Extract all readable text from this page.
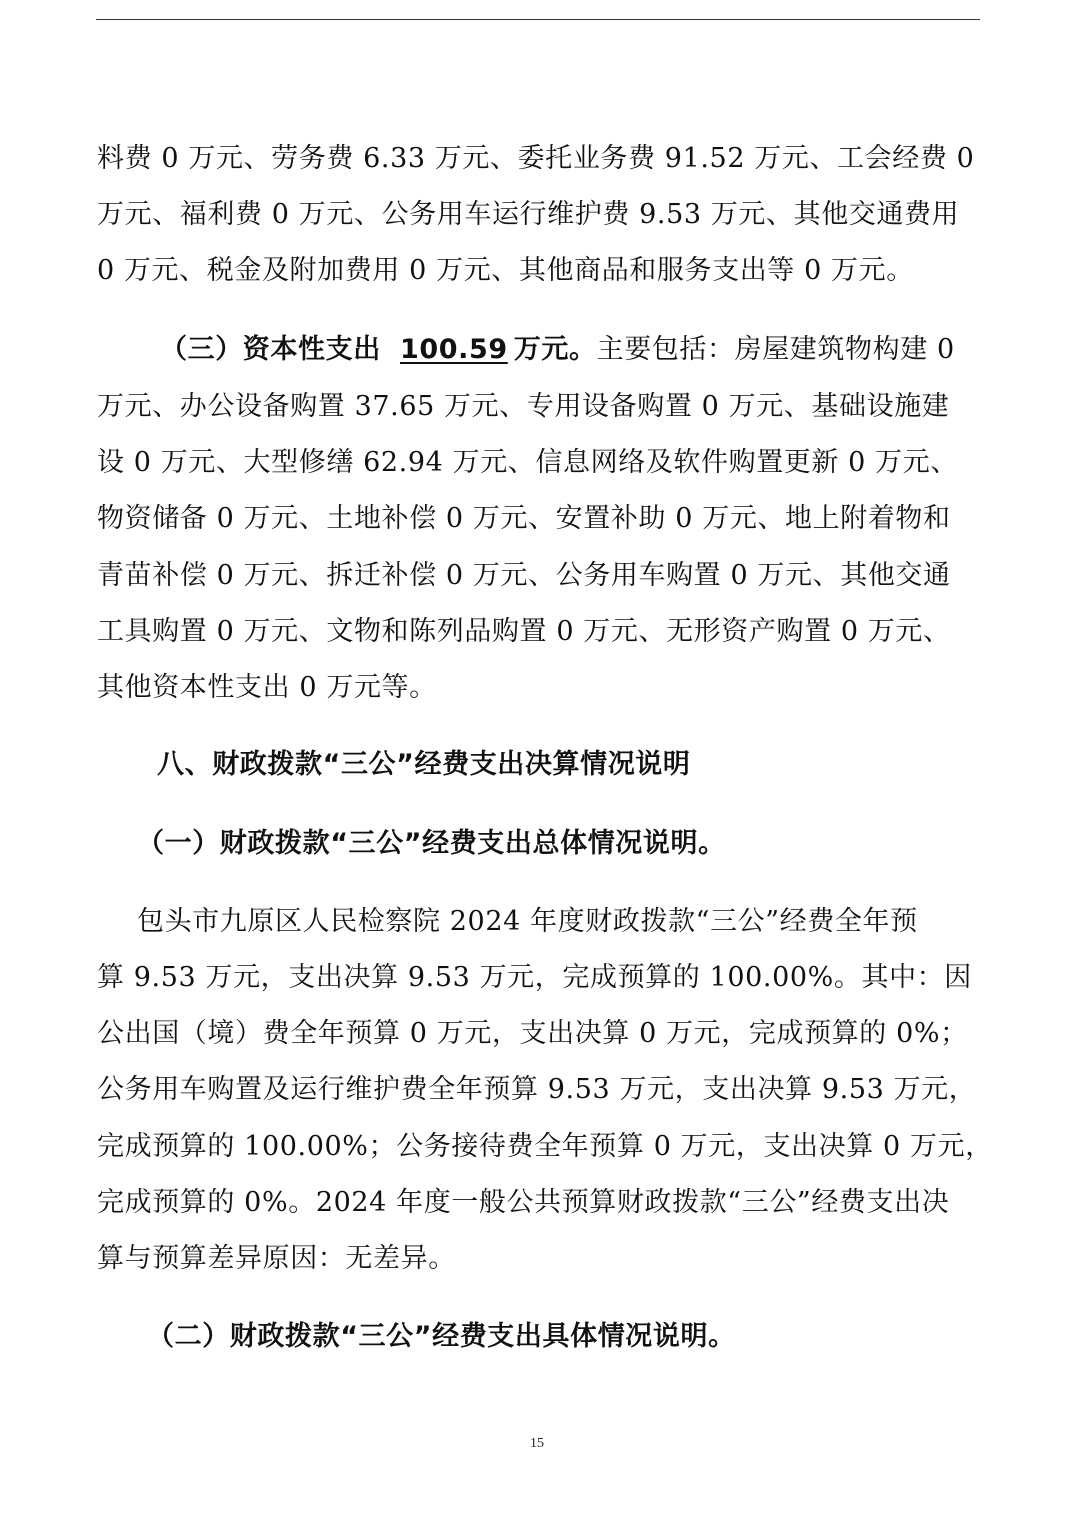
料费 0 万元、劳务费 6.33 万元、委托业务费 91.52 万元、工会经费 0
万元、福利费 0 万元、公务用车运行维护费 9.53 万元、其他交通费用
0 万元、税金及附加费用 0 万元、其他商品和服务支出等 0 万元。
（三）资本性支出 100.59 万元。主要包括：房屋建筑物构建 0
万元、办公设备购置 37.65 万元、专用设备购置 0 万元、基础设施建
设 0 万元、大型修缮 62.94 万元、信息网络及软件购置更新 0 万元、
物资储备 0 万元、土地补偿 0 万元、安置补助 0 万元、地上附着物和
青苗补偿 0 万元、拆迁补偿 0 万元、公务用车购置 0 万元、其他交通
工具购置 0 万元、文物和陈列品购置 0 万元、无形资产购置 0 万元、
其他资本性支出 0 万元等。
八、财政拨款“三公”经费支出决算情况说明
（一）财政拨款“三公”经费支出总体情况说明。
包头市九原区人民检察院 2024 年度财政拨款“三公”经费全年预
算 9.53 万元，支出决算 9.53 万元，完成预算的 100.00%。其中：因
公出国（境）费全年预算 0 万元，支出决算 0 万元，完成预算的 0%；
公务用车购置及运行维护费全年预算 9.53 万元，支出决算 9.53 万元，
完成预算的 100.00%；公务接待费全年预算 0 万元，支出决算 0 万元，
完成预算的 0%。2024 年度一般公共预算财政拨款“三公”经费支出决
算与预算差异原因：无差异。
（二）财政拨款“三公”经费支出具体情况说明。
15
